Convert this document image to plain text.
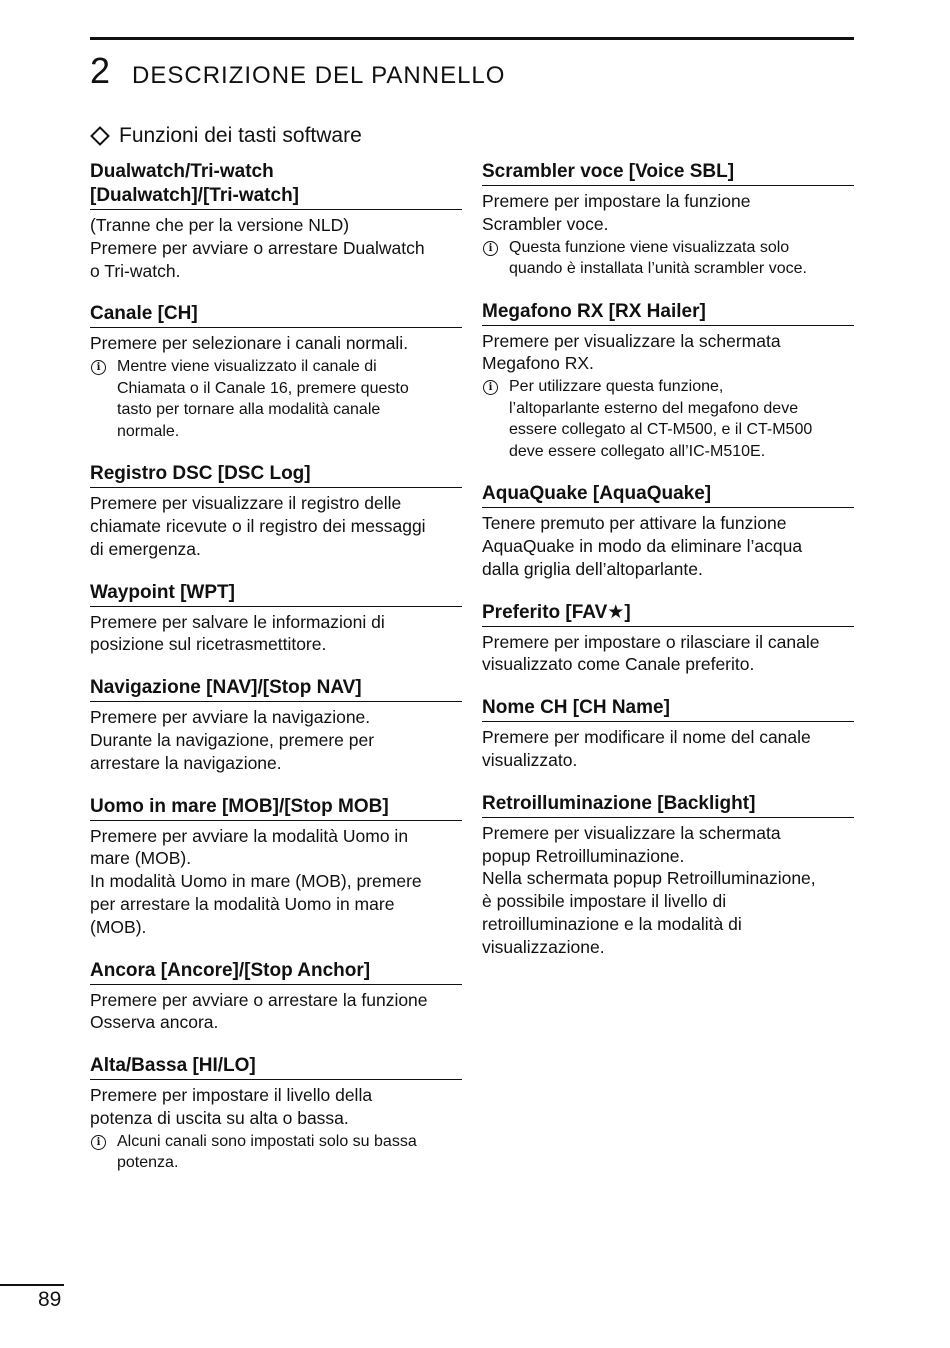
2 DESCRIZIONE DEL PANNELLO
Funzioni dei tasti software
Dualwatch/Tri-watch
[Dualwatch]/[Tri-watch]

(Tranne che per la versione NLD)
Premere per avviare o arrestare Dualwatch
o Tri-watch.

Canale [CH]

Premere per selezionare i canali normali.

i	Mentre viene visualizzato il canale di
Chiamata o il Canale 16, premere questo
tasto per tornare alla modalità canale
normale.
Registro DSC [DSC Log]

Premere per visualizzare il registro delle
chiamate ricevute o il registro dei messaggi
di emergenza.

Waypoint [WPT]

Premere per salvare le informazioni di
posizione sul ricetrasmettitore.

Navigazione [NAV]/[Stop NAV]

Premere per avviare la navigazione.
Durante la navigazione, premere per
arrestare la navigazione.

Uomo in mare [MOB]/[Stop MOB]

Premere per avviare la modalità Uomo in
mare (MOB).
In modalità Uomo in mare (MOB), premere
per arrestare la modalità Uomo in mare
(MOB).

Ancora [Ancore]/[Stop Anchor]

Premere per avviare o arrestare la funzione
Osserva ancora.

Alta/Bassa [HI/LO]

Premere per impostare il livello della
potenza di uscita su alta o bassa.

i	Alcuni canali sono impostati solo su bassa
potenza.
Scrambler voce [Voice SBL]

Premere per impostare la funzione
Scrambler voce.

i	Questa funzione viene visualizzata solo
quando è installata l’unità scrambler voce.
Megafono RX [RX Hailer]

Premere per visualizzare la schermata
Megafono RX.

i	Per utilizzare questa funzione,
l’altoparlante esterno del megafono deve
essere collegato al CT-M500, e il CT-M500
deve essere collegato all’IC-M510E.
AquaQuake [AquaQuake]

Tenere premuto per attivare la funzione
AquaQuake in modo da eliminare l’acqua
dalla griglia dell’altoparlante.

Preferito [FAV★]

Premere per impostare o rilasciare il canale
visualizzato come Canale preferito.

Nome CH [CH Name]

Premere per modificare il nome del canale
visualizzato.

Retroilluminazione [Backlight]

Premere per visualizzare la schermata
popup Retroilluminazione.
Nella schermata popup Retroilluminazione,
è possibile impostare il livello di
retroilluminazione e la modalità di
visualizzazione.

89
